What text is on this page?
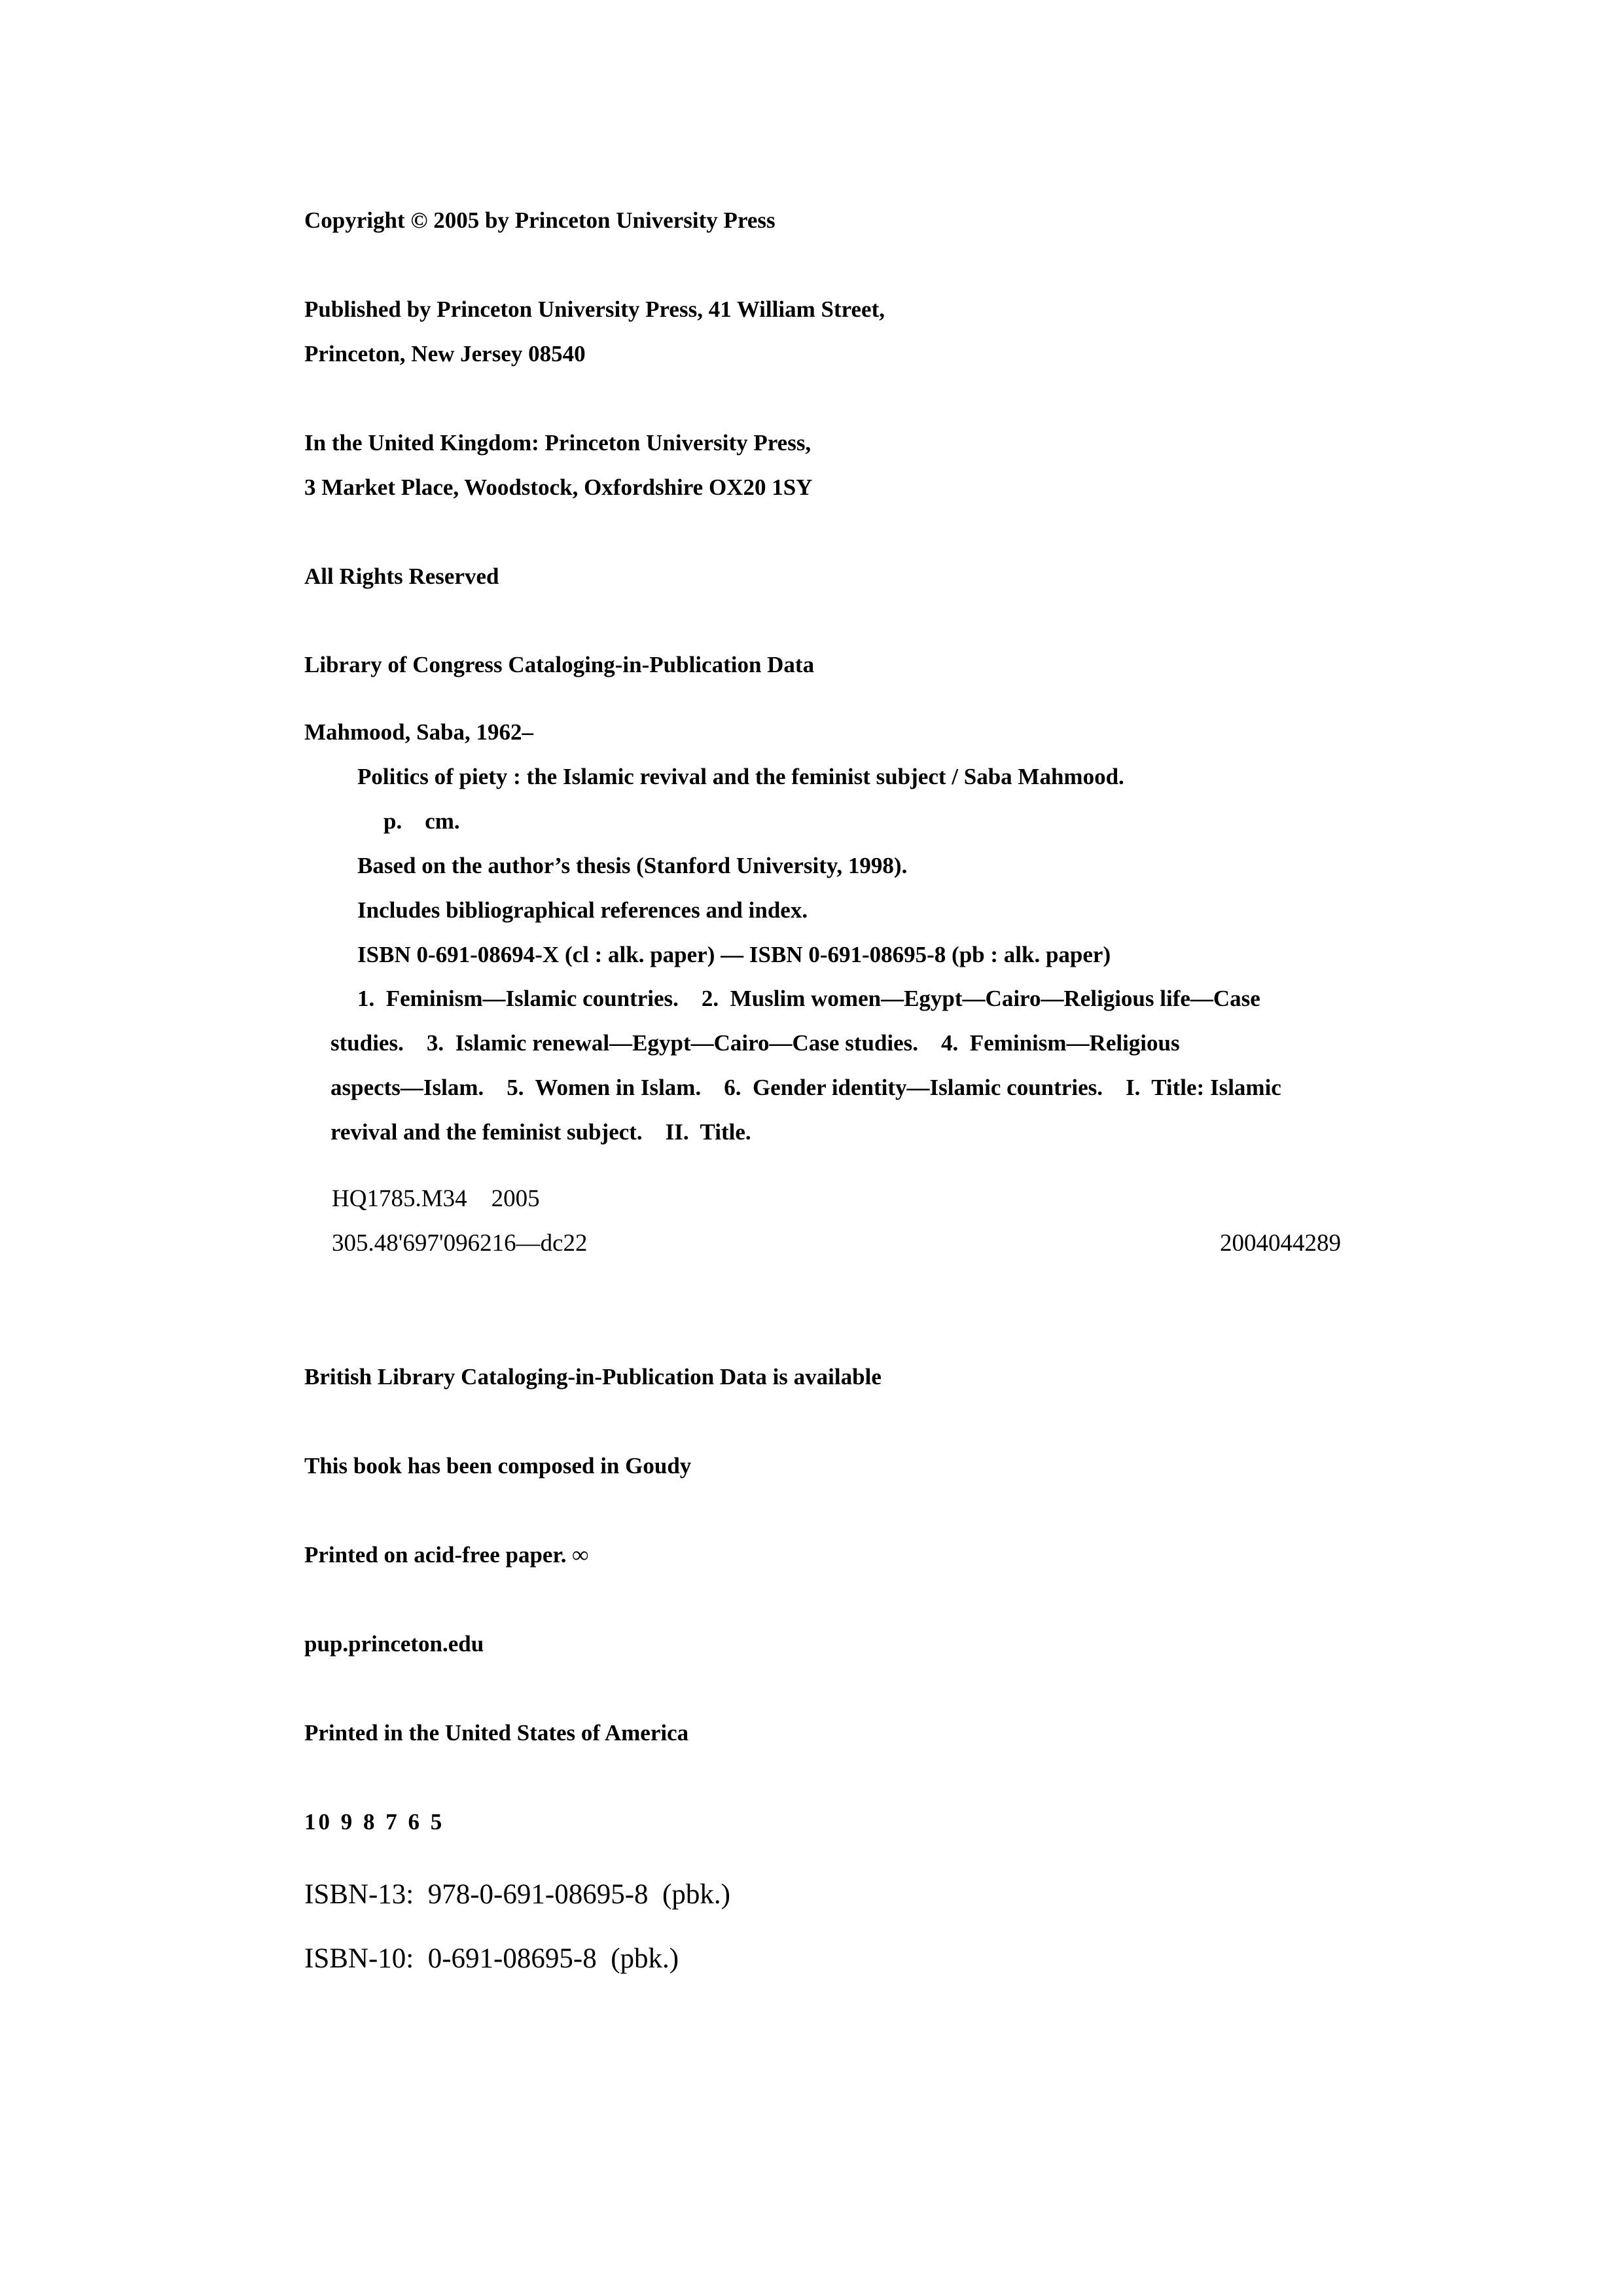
Copyright © 2005 by Princeton University Press
Published by Princeton University Press, 41 William Street,
Princeton, New Jersey 08540
In the United Kingdom: Princeton University Press,
3 Market Place, Woodstock, Oxfordshire OX20 1SY
All Rights Reserved
Library of Congress Cataloging-in-Publication Data
Mahmood, Saba, 1962–
Politics of piety : the Islamic revival and the feminist subject / Saba Mahmood.
p.    cm.
Based on the author’s thesis (Stanford University, 1998).
Includes bibliographical references and index.
ISBN 0-691-08694-X (cl : alk. paper) — ISBN 0-691-08695-8 (pb : alk. paper)
1.  Feminism—Islamic countries.    2.  Muslim women—Egypt—Cairo—Religious life—Case
studies.    3.  Islamic renewal—Egypt—Cairo—Case studies.    4.  Feminism—Religious
aspects—Islam.    5.  Women in Islam.    6.  Gender identity—Islamic countries.    I.  Title: Islamic
revival and the feminist subject.    II.  Title.
HQ1785.M34    2005
305.48'697'096216—dc22	2004044289
British Library Cataloging-in-Publication Data is available
This book has been composed in Goudy
Printed on acid-free paper. ∞
pup.princeton.edu
Printed in the United States of America
10 9 8 7 6 5
ISBN-13:  978-0-691-08695-8  (pbk.)
ISBN-10:  0-691-08695-8  (pbk.)
